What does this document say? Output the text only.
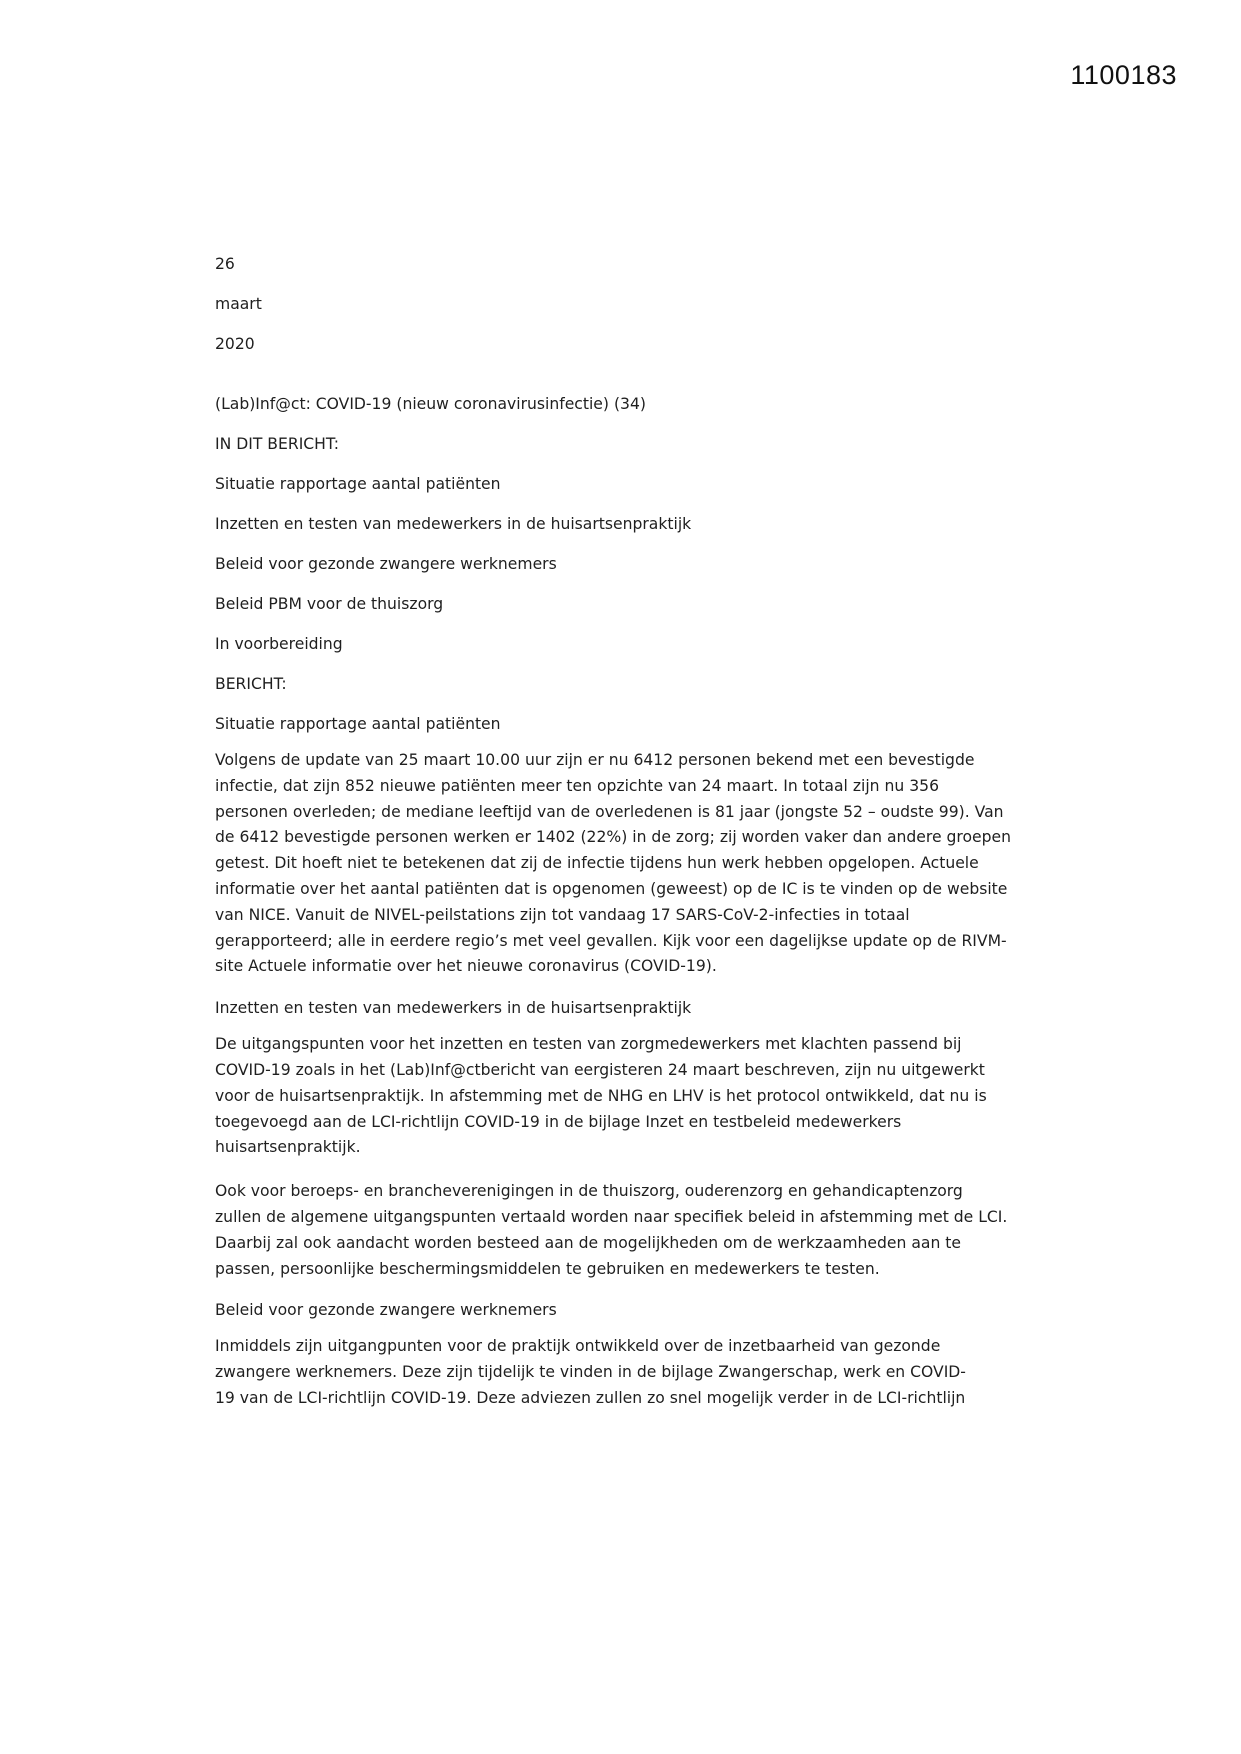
1100183
26
maart
2020
(Lab)Inf@ct: COVID-19 (nieuw coronavirusinfectie) (34)
IN DIT BERICHT:
Situatie rapportage aantal patiënten
Inzetten en testen van medewerkers in de huisartsenpraktijk
Beleid voor gezonde zwangere werknemers
Beleid PBM voor de thuiszorg
In voorbereiding
BERICHT:
Situatie rapportage aantal patiënten
Volgens de update van 25 maart 10.00 uur zijn er nu 6412 personen bekend met een bevestigde
infectie, dat zijn 852 nieuwe patiënten meer ten opzichte van 24 maart. In totaal zijn nu 356
personen overleden; de mediane leeftijd van de overledenen is 81 jaar (jongste 52 – oudste 99). Van
de 6412 bevestigde personen werken er 1402 (22%) in de zorg; zij worden vaker dan andere groepen
getest. Dit hoeft niet te betekenen dat zij de infectie tijdens hun werk hebben opgelopen. Actuele
informatie over het aantal patiënten dat is opgenomen (geweest) op de IC is te vinden op de website
van NICE. Vanuit de NIVEL-peilstations zijn tot vandaag 17 SARS-CoV-2-infecties in totaal
gerapporteerd; alle in eerdere regio’s met veel gevallen. Kijk voor een dagelijkse update op de RIVM-
site Actuele informatie over het nieuwe coronavirus (COVID-19).
Inzetten en testen van medewerkers in de huisartsenpraktijk
De uitgangspunten voor het inzetten en testen van zorgmedewerkers met klachten passend bij
COVID-19 zoals in het (Lab)Inf@ctbericht van eergisteren 24 maart beschreven, zijn nu uitgewerkt
voor de huisartsenpraktijk. In afstemming met de NHG en LHV is het protocol ontwikkeld, dat nu is
toegevoegd aan de LCI-richtlijn COVID-19 in de bijlage Inzet en testbeleid medewerkers
huisartsenpraktijk.
Ook voor beroeps- en brancheverenigingen in de thuiszorg, ouderenzorg en gehandicaptenzorg
zullen de algemene uitgangspunten vertaald worden naar specifiek beleid in afstemming met de LCI.
Daarbij zal ook aandacht worden besteed aan de mogelijkheden om de werkzaamheden aan te
passen, persoonlijke beschermingsmiddelen te gebruiken en medewerkers te testen.
Beleid voor gezonde zwangere werknemers
Inmiddels zijn uitgangpunten voor de praktijk ontwikkeld over de inzetbaarheid van gezonde
zwangere werknemers. Deze zijn tijdelijk te vinden in de bijlage Zwangerschap, werk en COVID-
19 van de LCI-richtlijn COVID-19. Deze adviezen zullen zo snel mogelijk verder in de LCI-richtlijn
